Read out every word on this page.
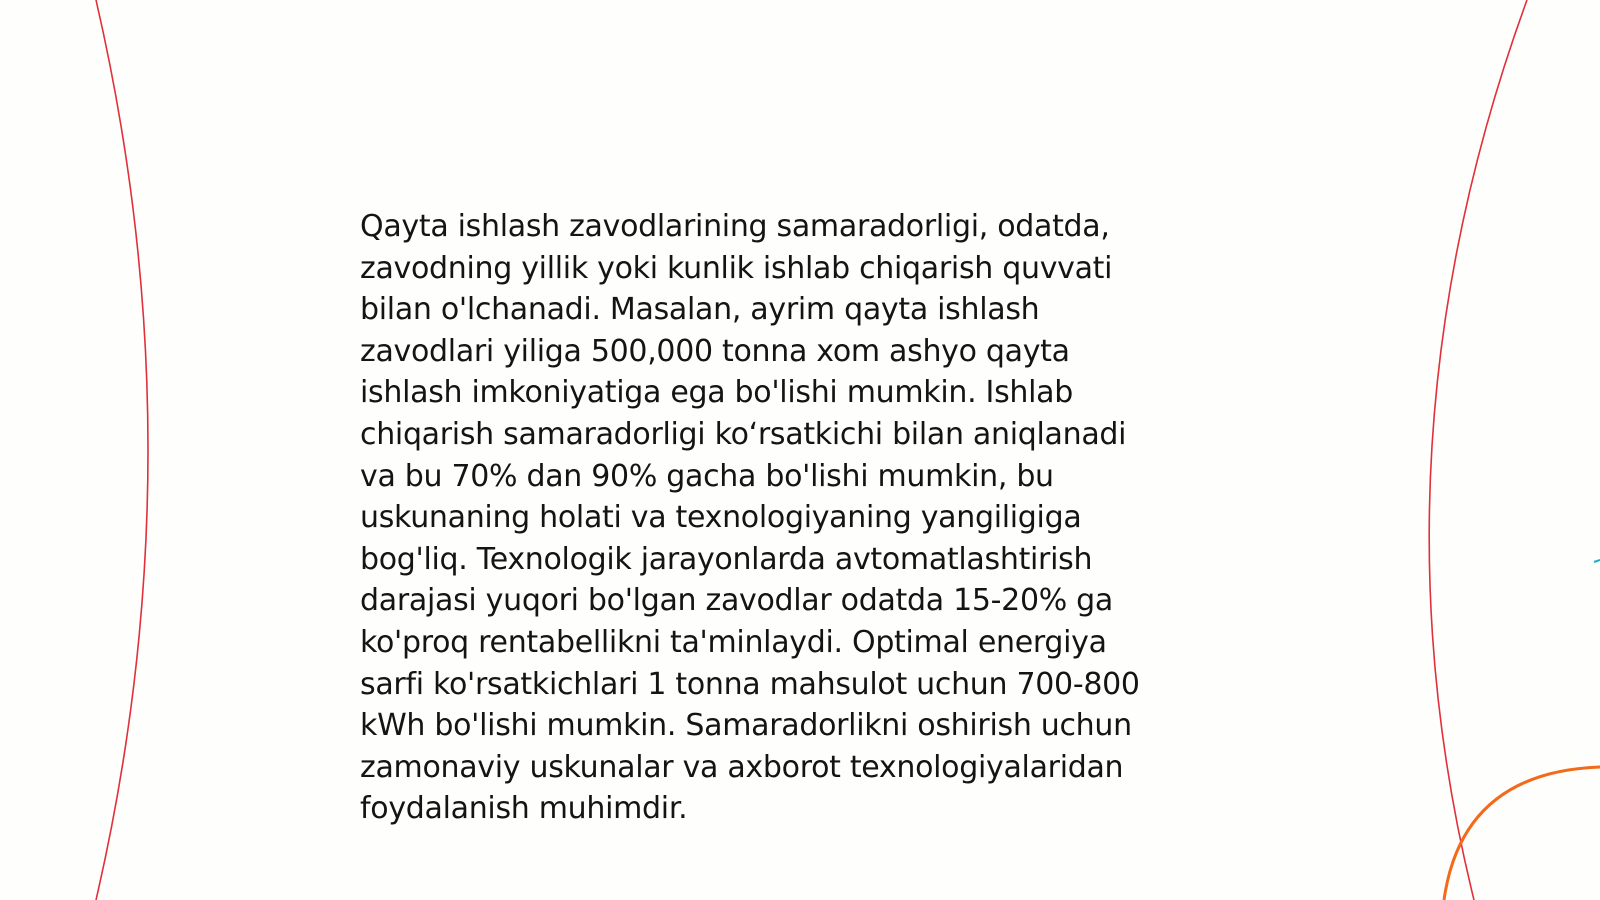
Qayta ishlash zavodlarining samaradorligi, odatda,
zavodning yillik yoki kunlik ishlab chiqarish quvvati
bilan o'lchanadi. Masalan, ayrim qayta ishlash
zavodlari yiliga 500,000 tonna xom ashyo qayta
ishlash imkoniyatiga ega bo'lishi mumkin. Ishlab
chiqarish samaradorligi ko‘rsatkichi bilan aniqlanadi
va bu 70% dan 90% gacha bo'lishi mumkin, bu
uskunaning holati va texnologiyaning yangiligiga
bog'liq. Texnologik jarayonlarda avtomatlashtirish
darajasi yuqori bo'lgan zavodlar odatda 15-20% ga
ko'proq rentabellikni ta'minlaydi. Optimal energiya
sarfi ko'rsatkichlari 1 tonna mahsulot uchun 700-800
kWh bo'lishi mumkin. Samaradorlikni oshirish uchun
zamonaviy uskunalar va axborot texnologiyalaridan
foydalanish muhimdir.
